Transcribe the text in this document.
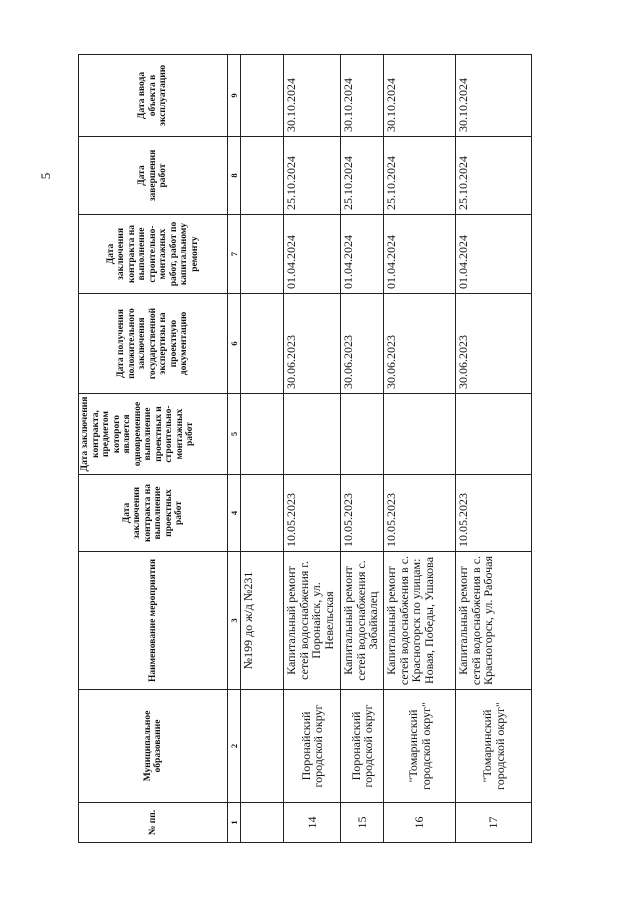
5
№ пп.	Муниципальное образование	Наименование мероприятия	Дата заключения контракта на выполнение проектных работ	Дата заключения контракта, предметом которого является одновременное выполнение проектных и строительно-монтажных работ	Дата получения положительного заключения государственной экспертизы на проектную документацию	Дата заключения контракта на выполнение строительно-монтажных работ, работ по капитальному ремонту	Дата завершения работ	Дата ввода объекта в эксплуатацию
1	2	3	4	5	6	7	8	9
		№199 до ж/д №231						
14	Поронайский городской округ	Капитальный ремонт сетей водоснабжения г. Поронайск, ул. Невельская	10.05.2023		30.06.2023	01.04.2024	25.10.2024	30.10.2024
15	Поронайский городской округ	Капитальный ремонт сетей водоснабжения с. Забайкалец	10.05.2023		30.06.2023	01.04.2024	25.10.2024	30.10.2024
16	"Томаринский городской округ"	Капитальный ремонт сетей водоснабжения в с. Красногорск по улицам: Новая, Победы, Ушакова	10.05.2023		30.06.2023	01.04.2024	25.10.2024	30.10.2024
17	"Томаринский городской округ"	Капитальный ремонт сетей водоснабжения в с. Красногорск, ул. Рабочая	10.05.2023		30.06.2023	01.04.2024	25.10.2024	30.10.2024
